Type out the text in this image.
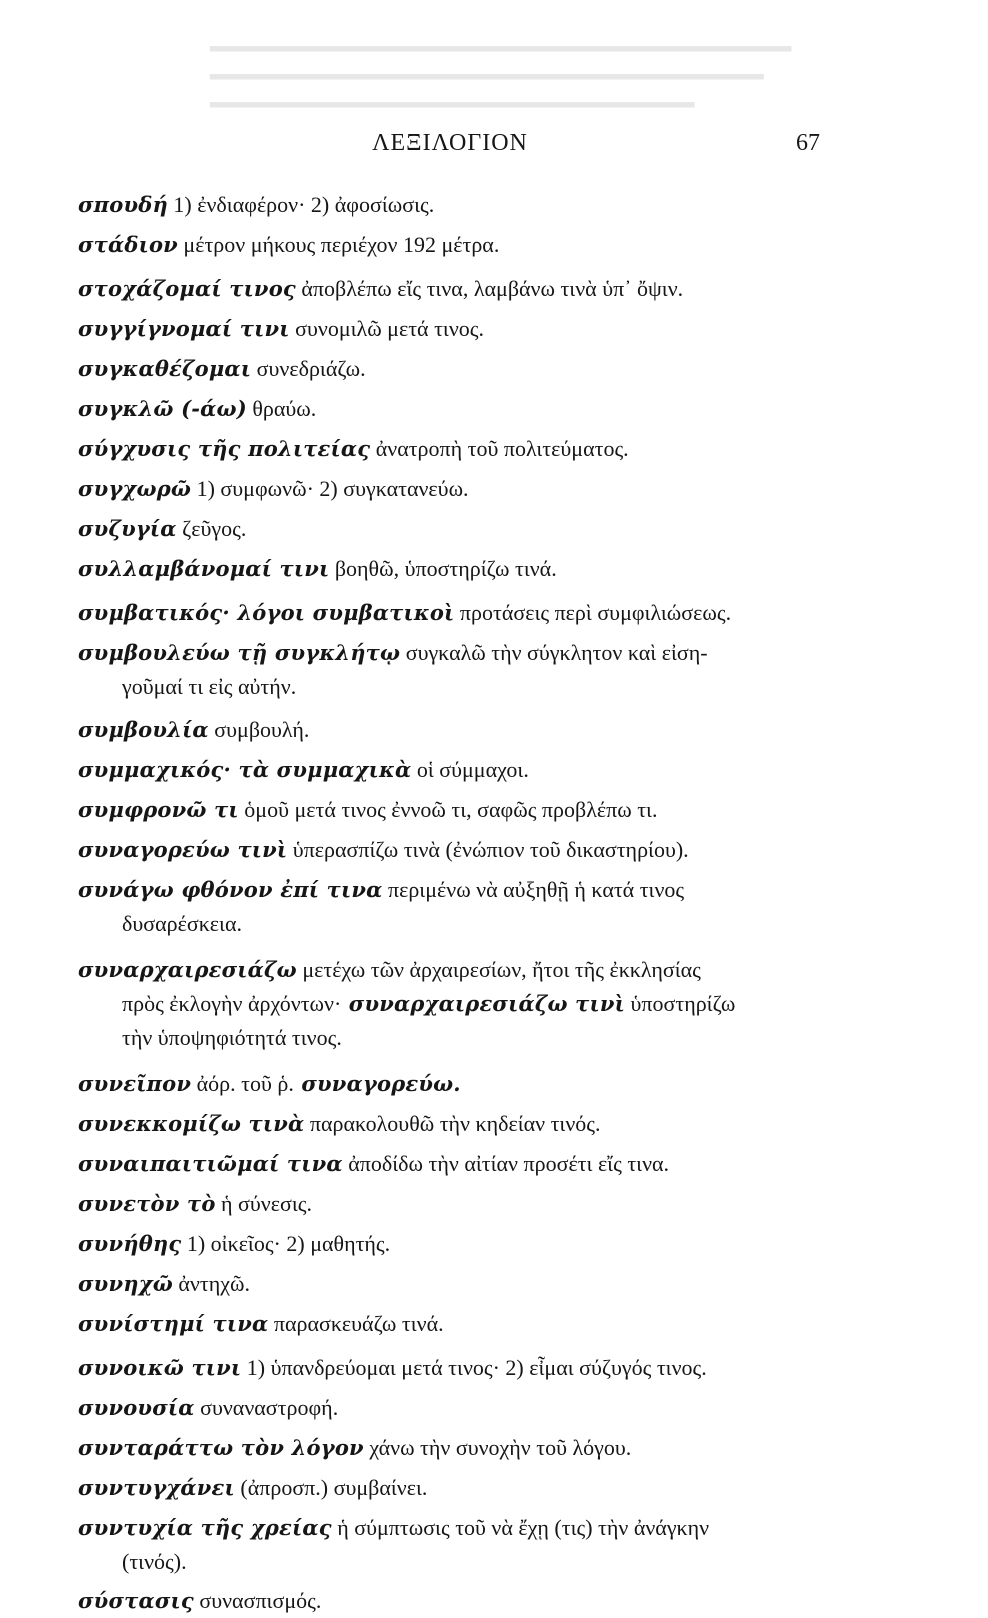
▂▂▂▂▂▂▂▂▂▂▂▂▂▂▂▂▂▂▂▂▂▂▂▂▂▂▂▂▂▂▂▂▂▂▂▂▂▂▂▂▂▂
▂▂▂▂▂▂▂▂▂▂▂▂▂▂▂▂▂▂▂▂▂▂▂▂▂▂▂▂▂▂▂▂▂▂▂▂▂▂▂▂
▂▂▂▂▂▂▂▂▂▂▂▂▂▂▂▂▂▂▂▂▂▂▂▂▂▂▂▂▂▂▂▂▂▂▂
ΛΕΞΙΛΟΓΙΟΝ	67
σπουδή 1) ἐνδιαφέρον· 2) ἀφοσίωσις.
στάδιον μέτρον μήκους περιέχον 192 μέτρα.
στοχάζομαί τινος ἀποβλέπω εἴς τινα, λαμβάνω τινὰ ὑπ᾽ ὄψιν.
συγγίγνομαί τινι συνομιλῶ μετά τινος.
συγκαθέζομαι συνεδριάζω.
συγκλῶ (-άω) θραύω.
σύγχυσις τῆς πολιτείας ἀνατροπὴ τοῦ πολιτεύματος.
συγχωρῶ 1) συμφωνῶ· 2) συγκατανεύω.
συζυγία ζεῦγος.
συλλαμβάνομαί τινι βοηθῶ, ὑποστηρίζω τινά.
συμβατικός· λόγοι συμβατικοὶ προτάσεις περὶ συμφιλιώσεως.
συμβουλεύω τῇ συγκλήτῳ συγκαλῶ τὴν σύγκλητον καὶ εἰση-
γοῦμαί τι εἰς αὐτήν.
συμβουλία συμβουλή.
συμμαχικός· τὰ συμμαχικὰ οἱ σύμμαχοι.
συμφρονῶ τι ὁμοῦ μετά τινος ἐννοῶ τι, σαφῶς προβλέπω τι.
συναγορεύω τινὶ ὑπερασπίζω τινὰ (ἐνώπιον τοῦ δικαστηρίου).
συνάγω φθόνον ἐπί τινα περιμένω νὰ αὐξηθῇ ἡ κατά τινος
δυσαρέσκεια.
συναρχαιρεσιάζω μετέχω τῶν ἀρχαιρεσίων, ἤτοι τῆς ἐκκλησίας
πρὸς ἐκλογὴν ἀρχόντων· συναρχαιρεσιάζω τινὶ ὑποστηρίζω
τὴν ὑποψηφιότητά τινος.
συνεῖπον ἀόρ. τοῦ ῥ. συναγορεύω.
συνεκκομίζω τινὰ παρακολουθῶ τὴν κηδείαν τινός.
συναιπαιτιῶμαί τινα ἀποδίδω τὴν αἰτίαν προσέτι εἴς τινα.
συνετὸν τὸ ἡ σύνεσις.
συνήθης 1) οἰκεῖος· 2) μαθητής.
συνηχῶ ἀντηχῶ.
συνίστημί τινα παρασκευάζω τινά.
συνοικῶ τινι 1) ὑπανδρεύομαι μετά τινος· 2) εἶμαι σύζυγός τινος.
συνουσία συναναστροφή.
συνταράττω τὸν λόγον χάνω τὴν συνοχὴν τοῦ λόγου.
συντυγχάνει (ἀπροσπ.) συμβαίνει.
συντυχία τῆς χρείας ἡ σύμπτωσις τοῦ νὰ ἔχῃ (τις) τὴν ἀνάγκην
(τινός).
σύστασις συνασπισμός.
